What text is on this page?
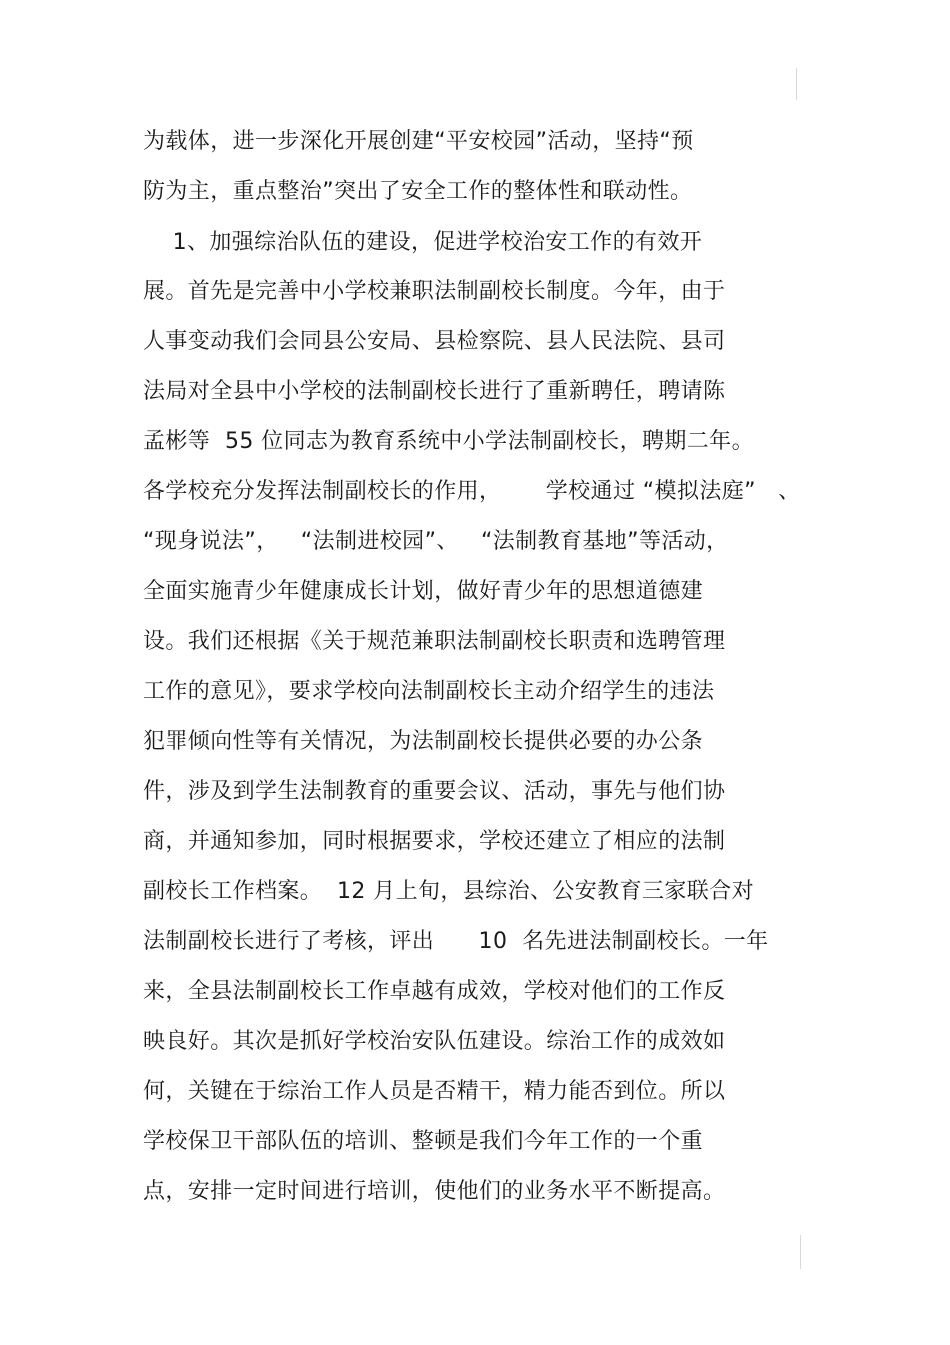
为载体，进一步深化开展创建“平安校园”活动，坚持“预
防为主，重点整治”突出了安全工作的整体性和联动性。
1、加强综治队伍的建设，促进学校治安工作的有效开
展。首先是完善中小学校兼职法制副校长制度。今年，由于
人事变动我们会同县公安局、县检察院、县人民法院、县司
法局对全县中小学校的法制副校长进行了重新聘任，聘请陈
孟彬等  55 位同志为教育系统中小学法制副校长，聘期二年。
各学校充分发挥法制副校长的作用，      学校通过 “模拟法庭”   、
“现身说法”，   “法制进校园”、   “法制教育基地”等活动，
全面实施青少年健康成长计划，做好青少年的思想道德建
设。我们还根据《关于规范兼职法制副校长职责和选聘管理
工作的意见》，要求学校向法制副校长主动介绍学生的违法
犯罪倾向性等有关情况，为法制副校长提供必要的办公条
件，涉及到学生法制教育的重要会议、活动，事先与他们协
商，并通知参加，同时根据要求，学校还建立了相应的法制
副校长工作档案。  12 月上旬，县综治、公安教育三家联合对
法制副校长进行了考核，评出      10  名先进法制副校长。一年
来，全县法制副校长工作卓越有成效，学校对他们的工作反
映良好。其次是抓好学校治安队伍建设。综治工作的成效如
何，关键在于综治工作人员是否精干，精力能否到位。所以
学校保卫干部队伍的培训、整顿是我们今年工作的一个重
点，安排一定时间进行培训，使他们的业务水平不断提高。
